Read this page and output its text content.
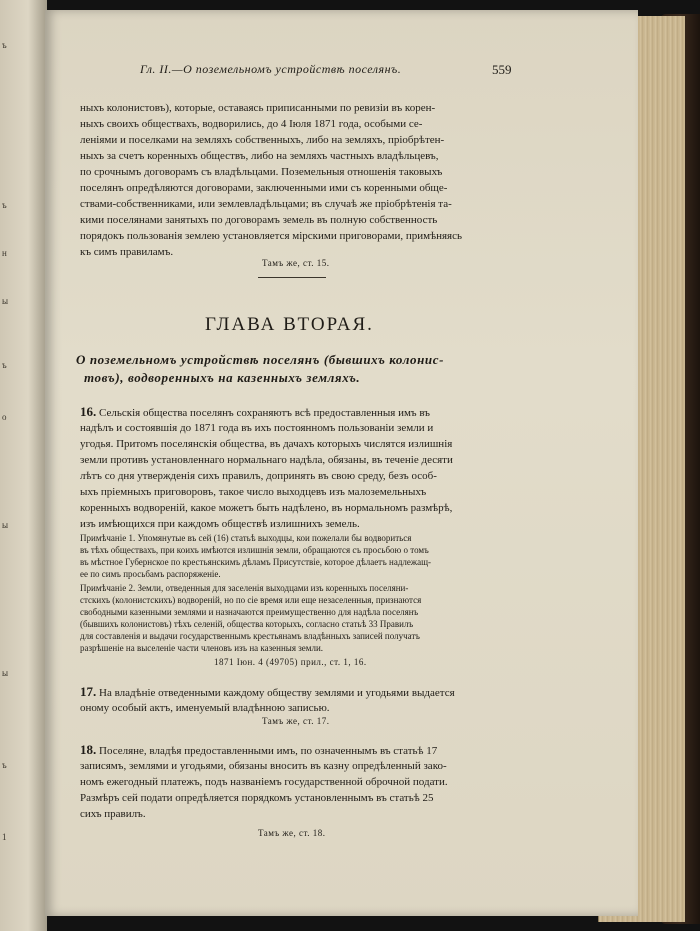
ъ
ъ
н
ы
ъ
о
ы
ы
ъ
1
Гл. II.—О поземельномъ устройствѣ поселянъ.	559
ныхъ колонистовъ), которые, оставаясь приписанными по ревизіи въ корен-
ныхъ своихъ обществахъ, водворились, до 4 Іюля 1871 года, особыми се-
леніями и поселками на земляхъ собственныхъ, либо на земляхъ, пріобрѣтен-
ныхъ за счетъ коренныхъ обществъ, либо на земляхъ частныхъ владѣльцевъ,
по срочнымъ договорамъ съ владѣльцами. Поземельныя отношенія таковыхъ
поселянъ опредѣляются договорами, заключенными ими съ коренными обще-
ствами-собственниками, или землевладѣльцами; въ случаѣ же пріобрѣтенія та-
кими поселянами занятыхъ по договорамъ земель въ полную собственность
порядокъ пользованія землею установляется мірскими приговорами, примѣняясь
къ симъ правиламъ.
Тамъ же, ст. 15.
ГЛАВА ВТОРАЯ.
О поземельномъ устройствѣ поселянъ (бывшихъ колонис-
товъ), водворенныхъ на казенныхъ земляхъ.
16. Сельскія общества поселянъ сохраняютъ всѣ предоставленныя имъ въ
надѣлъ и состоявшія до 1871 года въ ихъ постоянномъ пользованіи земли и
угодья. Притомъ поселянскія общества, въ дачахъ которыхъ числятся излишнія
земли противъ установленнаго нормальнаго надѣла, обязаны, въ теченіе десяти
лѣтъ со дня утвержденія сихъ правилъ, допринять въ свою среду, безъ особ-
ыхъ пріемныхъ приговоровъ, такое число выходцевъ изъ малоземельныхъ
коренныхъ водвореній, какое можетъ быть надѣлено, въ нормальномъ размѣрѣ,
изъ имѣющихся при каждомъ обществѣ излишнихъ земель.
Примѣчаніе 1. Упомянутые въ сей (16) статьѣ выходцы, кои пожелали бы водвориться
въ тѣхъ обществахъ, при коихъ имѣются излишнія земли, обращаются съ просьбою о томъ
въ мѣстное Губернское по крестьянскимъ дѣламъ Присутствіе, которое дѣлаетъ надлежащ-
ее по симъ просьбамъ распоряженіе.
Примѣчаніе 2. Земли, отведенныя для заселенія выходцами изъ коренныхъ поселяни-
стскихъ (колонистскихъ) водвореній, но по сіе время или еще незаселенныя, признаются
свободными казенными землями и назначаются преимущественно для надѣла поселянъ
(бывшихъ колонистовъ) тѣхъ селеній, общества которыхъ, согласно статьѣ 33 Правилъ
для составленія и выдачи государственнымъ крестьянамъ владѣнныхъ записей получатъ
разрѣшеніе на выселеніе части членовъ изъ на казенныя земли.
1871 Іюн. 4 (49705) прил., ст. 1, 16.
17. На владѣніе отведенными каждому обществу землями и угодьями выдается
оному особый актъ, именуемый владѣнною записью.
Тамъ же, ст. 17.
18. Поселяне, владѣя предоставленными имъ, по означеннымъ въ статьѣ 17
записямъ, землями и угодьями, обязаны вносить въ казну опредѣленный зако-
номъ ежегодный платежъ, подъ названіемъ государственной оброчной подати.
Размѣръ сей подати опредѣляется порядкомъ установленнымъ въ статьѣ 25
сихъ правилъ.
Тамъ же, ст. 18.
